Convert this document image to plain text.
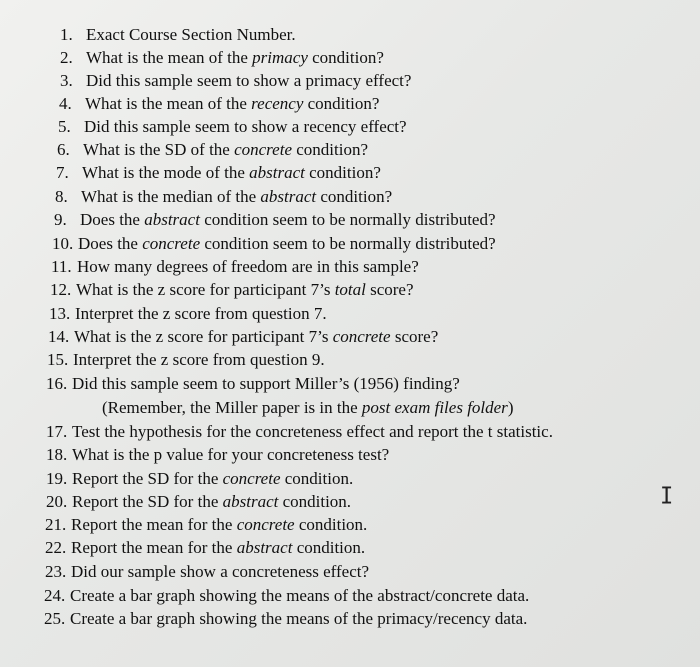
1. Exact Course Section Number.
2. What is the mean of the primacy condition?
3. Did this sample seem to show a primacy effect?
4. What is the mean of the recency condition?
5. Did this sample seem to show a recency effect?
6. What is the SD of the concrete condition?
7. What is the mode of the abstract condition?
8. What is the median of the abstract condition?
9. Does the abstract condition seem to be normally distributed?
10. Does the concrete condition seem to be normally distributed?
11. How many degrees of freedom are in this sample?
12. What is the z score for participant 7’s total score?
13. Interpret the z score from question 7.
14. What is the z score for participant 7’s concrete score?
15. Interpret the z score from question 9.
16. Did this sample seem to support Miller’s (1956) finding?
(Remember, the Miller paper is in the post exam files folder)
17. Test the hypothesis for the concreteness effect and report the t statistic.
18. What is the p value for your concreteness test?
19. Report the SD for the concrete condition.
20. Report the SD for the abstract condition.
21. Report the mean for the concrete condition.
22. Report the mean for the abstract condition.
23. Did our sample show a concreteness effect?
24. Create a bar graph showing the means of the abstract/concrete data.
25. Create a bar graph showing the means of the primacy/recency data.
I
